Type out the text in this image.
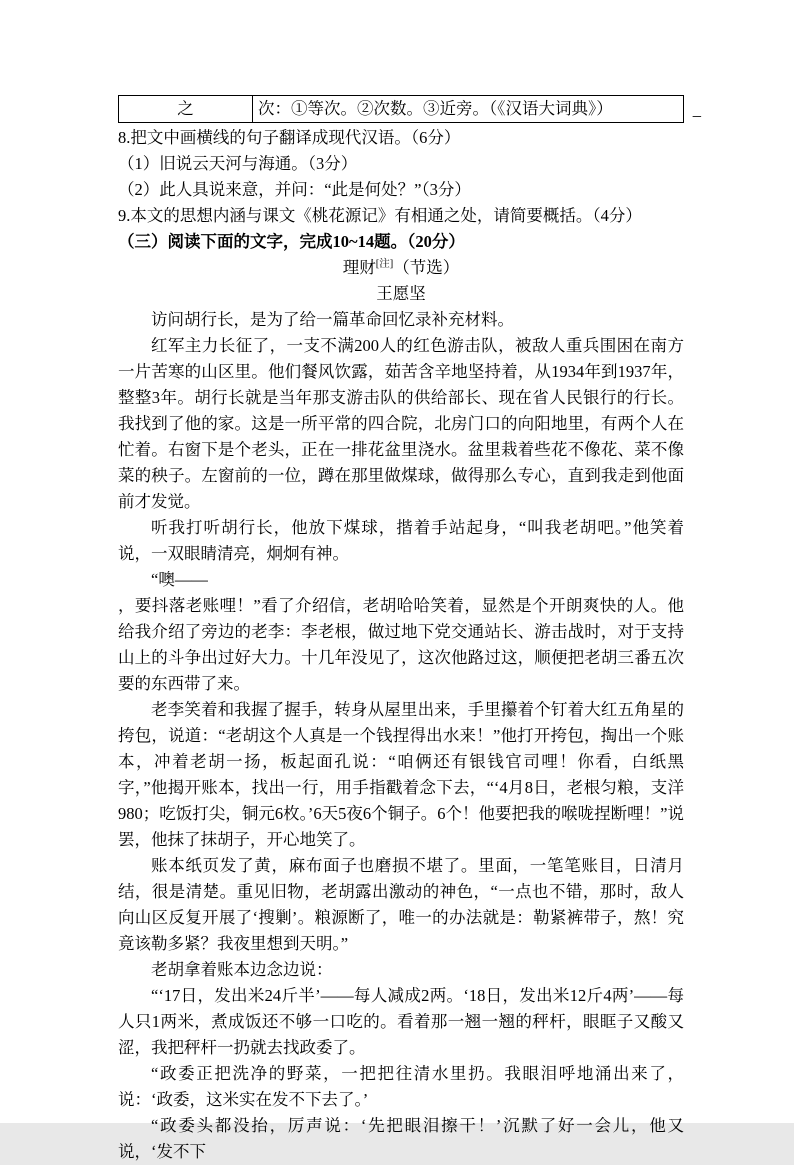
之	次：①等次。②次数。③近旁。（《汉语大词典》）	_

8.把文中画横线的句子翻译成现代汉语。（6分）

（1）旧说云天河与海通。（3分）

（2）此人具说来意，并问：“此是何处？”（3分）

9.本文的思想内涵与课文《桃花源记》有相通之处，请简要概括。（4分）

（三）阅读下面的文字，完成10~14题。（20分）

理财[注]（节选）

王愿坚

访问胡行长，是为了给一篇革命回忆录补充材料。

红军主力长征了，一支不满200人的红色游击队，被敌人重兵围困在南方一片苦寒的山区里。他们餐风饮露，茹苦含辛地坚持着，从1934年到1937年，整整3年。胡行长就是当年那支游击队的供给部长、现在省人民银行的行长。我找到了他的家。这是一所平常的四合院，北房门口的向阳地里，有两个人在忙着。右窗下是个老头，正在一排花盆里浇水。盆里栽着些花不像花、菜不像菜的秧子。左窗前的一位，蹲在那里做煤球，做得那么专心，直到我走到他面前才发觉。

听我打听胡行长，他放下煤球，揩着手站起身，“叫我老胡吧。”他笑着说，一双眼睛清亮，炯炯有神。

“噢——

，要抖落老账哩！”看了介绍信，老胡哈哈笑着，显然是个开朗爽快的人。他给我介绍了旁边的老李：李老根，做过地下党交通站长、游击战时，对于支持山上的斗争出过好大力。十几年没见了，这次他路过这，顺便把老胡三番五次要的东西带了来。

老李笑着和我握了握手，转身从屋里出来，手里攥着个钉着大红五角星的挎包，说道：“老胡这个人真是一个钱捏得出水来！”他打开挎包，掏出一个账本，冲着老胡一扬，板起面孔说：“咱俩还有银钱官司哩！你看，白纸黑字，”他揭开账本，找出一行，用手指戳着念下去，“‘4月8日，老根匀粮，支洋980；吃饭打尖，铜元6枚。’6天5夜6个铜子。6个！他要把我的喉咙捏断哩！”说罢，他抹了抹胡子，开心地笑了。

账本纸页发了黄，麻布面子也磨损不堪了。里面，一笔笔账目，日清月结，很是清楚。重见旧物，老胡露出激动的神色，“一点也不错，那时，敌人向山区反复开展了‘搜剿’。粮源断了，唯一的办法就是：勒紧裤带子，熬！究竟该勒多紧？我夜里想到天明。”

老胡拿着账本边念边说：

“‘17日，发出米24斤半’——每人减成2两。‘18日，发出米12斤4两’——每人只1两米，煮成饭还不够一口吃的。看着那一翘一翘的秤杆，眼眶子又酸又涩，我把秤杆一扔就去找政委了。

“政委正把洗净的野菜，一把把往清水里扔。我眼泪呼地涌出来了，说：‘政委，这米实在发不下去了。’

“政委头都没抬，厉声说：‘先把眼泪擦干！’沉默了好一会儿，他又说，‘发不下
